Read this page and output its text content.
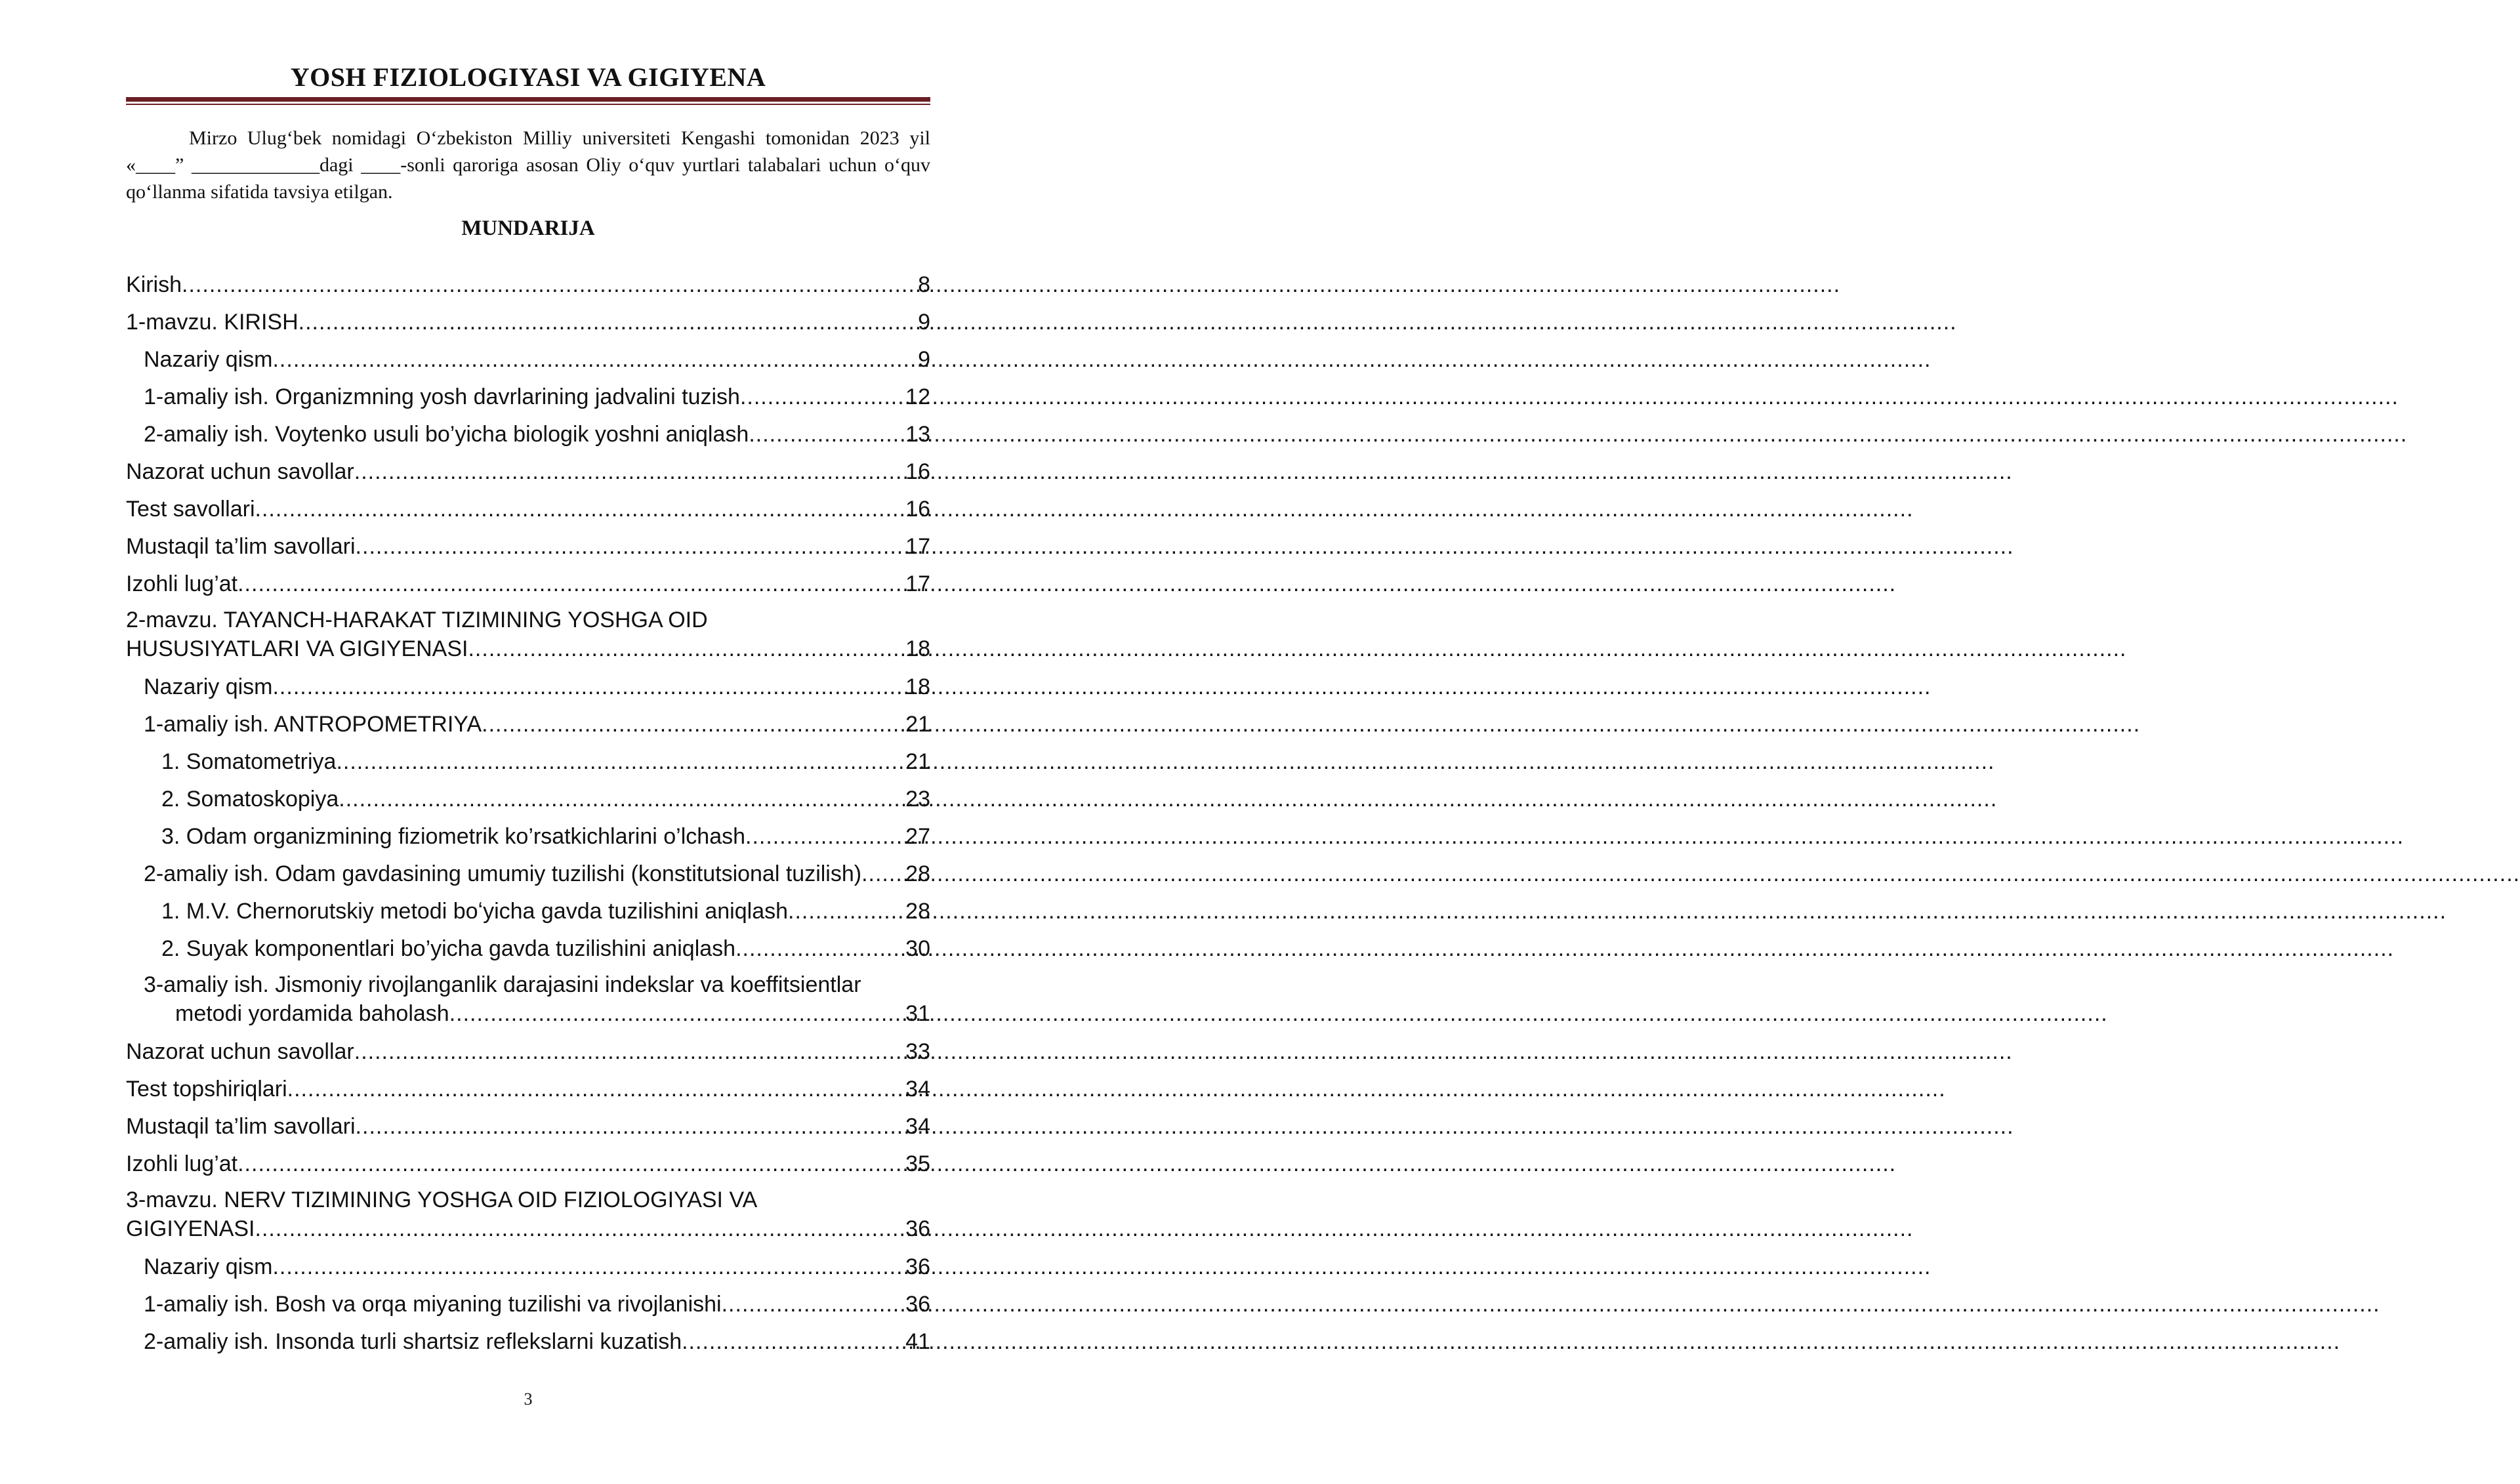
YOSH FIZIOLOGIYASI VA GIGIYENA
Mirzo Ulug‘bek nomidagi O‘zbekiston Milliy universiteti Kengashi tomonidan 2023 yil «____” _____________dagi ____-sonli qaroriga asosan Oliy o‘quv yurtlari talabalari uchun o‘quv qo‘llanma sifatida tavsiya etilgan.
MUNDARIJA
Kirish .....	8
1-mavzu. KIRISH .....	9
Nazariy qism .....	9
1-amaliy ish. Organizmning yosh davrlarining jadvalini tuzish .....	12
2-amaliy ish. Voytenko usuli bo’yicha biologik yoshni aniqlash .....	13
Nazorat uchun savollar .....	16
Test savollari .....	16
Mustaqil ta’lim savollari .....	17
Izohli lug’at .....	17
2-mavzu. TAYANCH-HARAKAT TIZIMINING YOSHGA OID
HUSUSIYATLARI VA GIGIYENASI .....	18
Nazariy qism .....	18
1-amaliy ish. ANTROPOMETRIYA .....	21
1. Somatometriya .....	21
2. Somatoskopiya .....	23
3. Odam organizmining fiziometrik ko’rsatkichlarini o’lchash .....	27
2-amaliy ish. Odam gavdasining umumiy tuzilishi (konstitutsional tuzilish) ..... 28
1. M.V. Chernorutskiy metodi boʻyicha gavda tuzilishini aniqlash .....	28
2. Suyak komponentlari bo’yicha gavda tuzilishini aniqlash .....	30
3-amaliy ish. Jismoniy rivojlanganlik darajasini indekslar va koeffitsientlar
metodi yordamida baholash .....	31
Nazorat uchun savollar .....	33
Test topshiriqlari .....	34
Mustaqil ta’lim savollari .....	34
Izohli lug’at .....	35
3-mavzu. NERV TIZIMINING YOSHGA OID FIZIOLOGIYASI VA
GIGIYENASI .....	36
Nazariy qism .....	36
1-amaliy ish. Bosh va orqa miyaning tuzilishi va rivojlanishi .....	36
2-amaliy ish. Insonda turli shartsiz reflekslarni kuzatish .....	41
3
